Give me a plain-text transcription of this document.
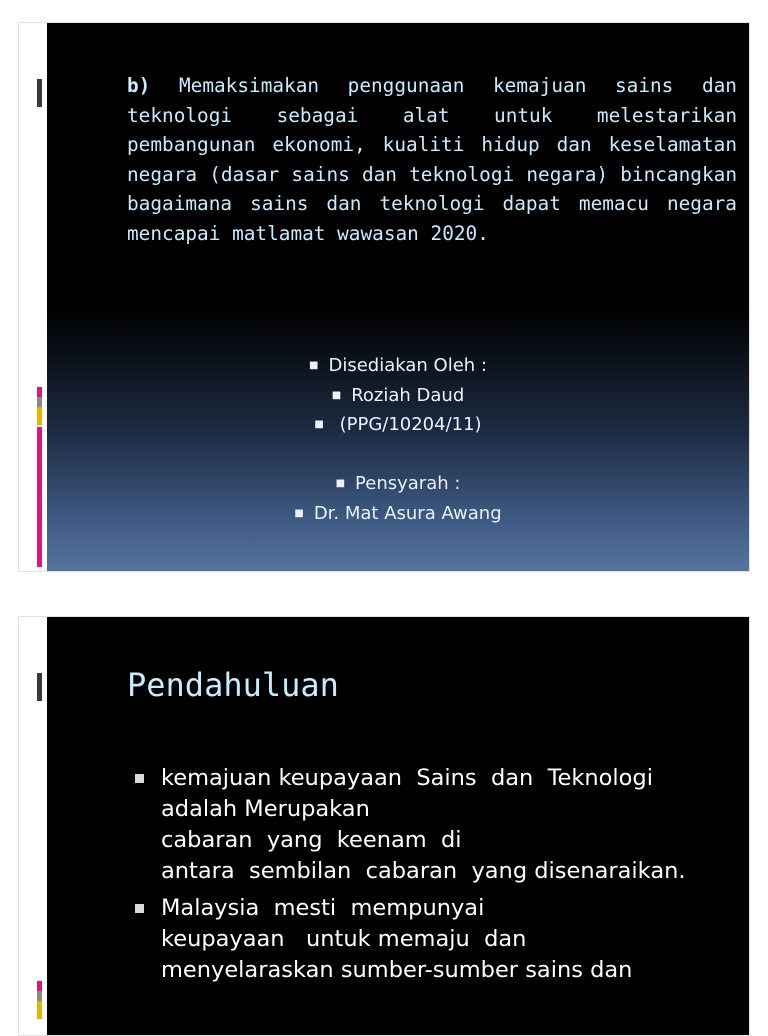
b) Memaksimakan penggunaan kemajuan sains dan teknologi sebagai alat untuk melestarikan pembangunan ekonomi, kualiti hidup dan keselamatan negara (dasar sains dan teknologi negara) bincangkan bagaimana sains dan teknologi dapat memacu negara mencapai matlamat wawasan 2020.

■ Disediakan Oleh :
■ Roziah Daud
■ (PPG/10204/11)
■ Pensyarah :
■ Dr. Mat Asura Awang
Pendahuluan
kemajuan keupayaan  Sains  dan  Teknologi
adalah Merupakan
cabaran  yang  keenam  di
antara  sembilan  cabaran  yang disenaraikan.
Malaysia  mesti  mempunyai
keupayaan   untuk memaju  dan
menyelaraskan sumber-sumber sains dan
